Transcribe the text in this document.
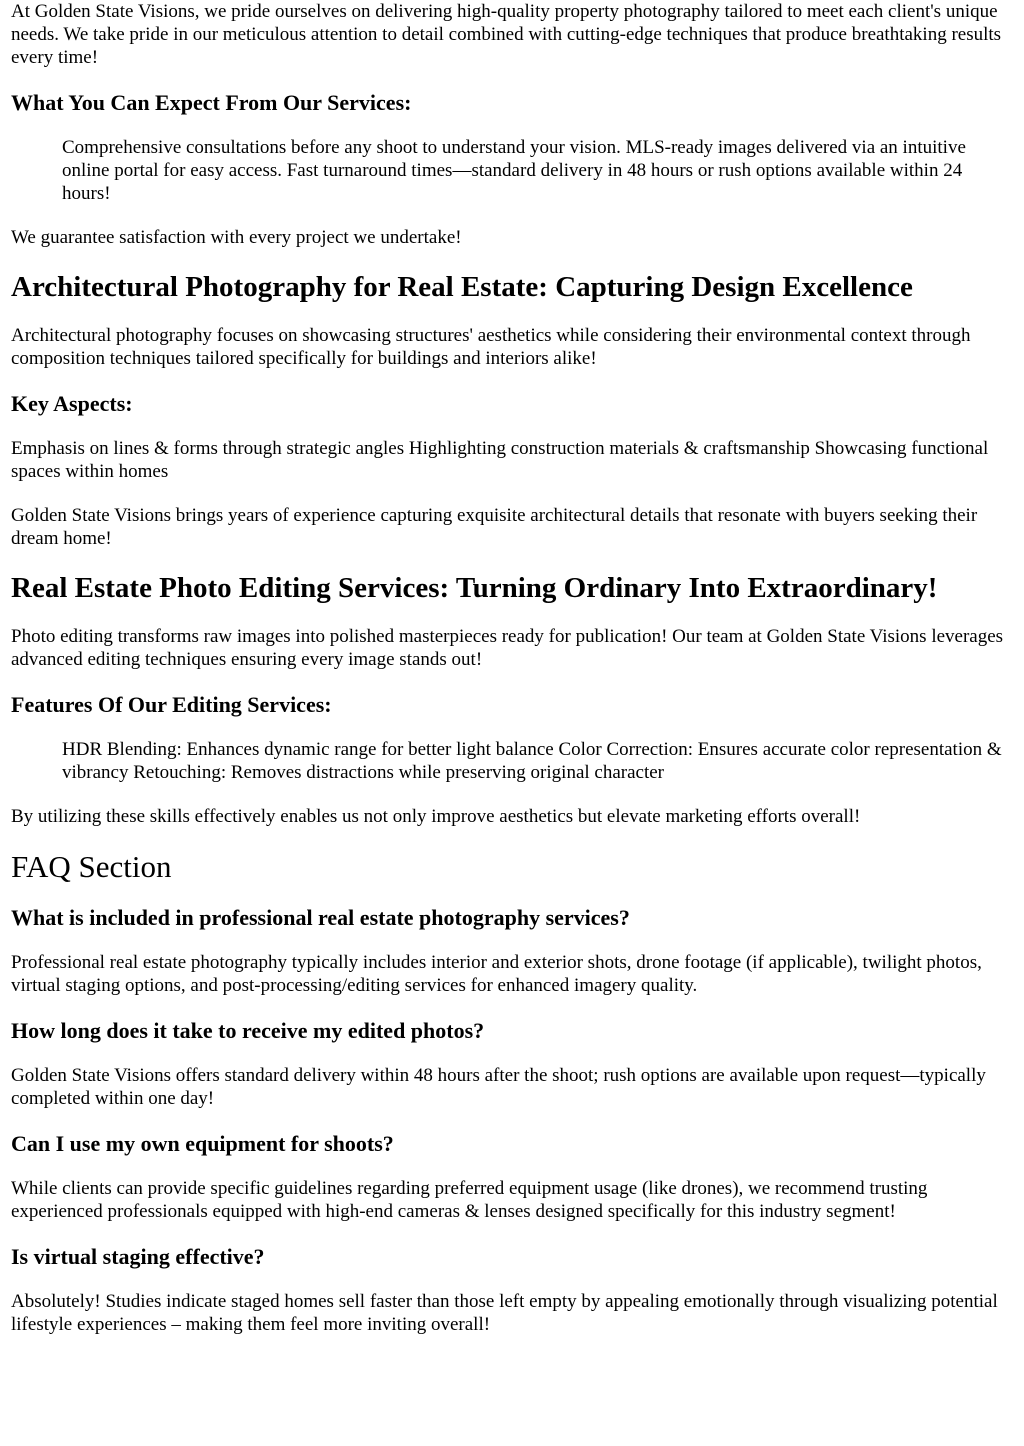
At Golden State Visions, we pride ourselves on delivering high-quality property photography tailored to meet each client's unique needs. We take pride in our meticulous attention to detail combined with cutting-edge techniques that produce breathtaking results every time!

What You Can Expect From Our Services:
Comprehensive consultations before any shoot to understand your vision. MLS-ready images delivered via an intuitive online portal for easy access. Fast turnaround times—standard delivery in 48 hours or rush options available within 24 hours!

We guarantee satisfaction with every project we undertake!

Architectural Photography for Real Estate: Capturing Design Excellence

Architectural photography focuses on showcasing structures' aesthetics while considering their environmental context through composition techniques tailored specifically for buildings and interiors alike!

Key Aspects:

Emphasis on lines & forms through strategic angles Highlighting construction materials & craftsmanship Showcasing functional spaces within homes

Golden State Visions brings years of experience capturing exquisite architectural details that resonate with buyers seeking their dream home!

Real Estate Photo Editing Services: Turning Ordinary Into Extraordinary!

Photo editing transforms raw images into polished masterpieces ready for publication! Our team at Golden State Visions leverages advanced editing techniques ensuring every image stands out!

Features Of Our Editing Services:
HDR Blending: Enhances dynamic range for better light balance Color Correction: Ensures accurate color representation & vibrancy Retouching: Removes distractions while preserving original character

By utilizing these skills effectively enables us not only improve aesthetics but elevate marketing efforts overall!

FAQ Section
What is included in professional real estate photography services?

Professional real estate photography typically includes interior and exterior shots, drone footage (if applicable), twilight photos, virtual staging options, and post-processing/editing services for enhanced imagery quality.

How long does it take to receive my edited photos?

Golden State Visions offers standard delivery within 48 hours after the shoot; rush options are available upon request—typically completed within one day!

Can I use my own equipment for shoots?

While clients can provide specific guidelines regarding preferred equipment usage (like drones), we recommend trusting experienced professionals equipped with high-end cameras & lenses designed specifically for this industry segment!

Is virtual staging effective?

Absolutely! Studies indicate staged homes sell faster than those left empty by appealing emotionally through visualizing potential lifestyle experiences – making them feel more inviting overall!
